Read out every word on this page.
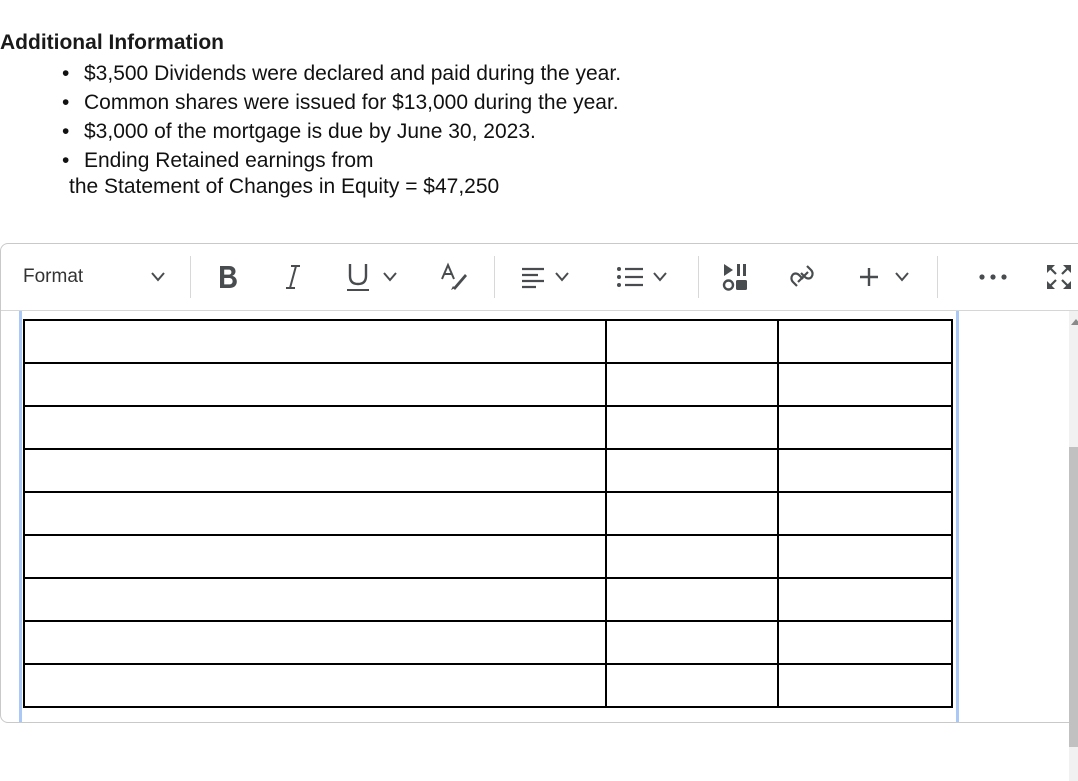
Additional Information
• $3,500 Dividends were declared and paid during the year.
• Common shares were issued for $13,000 during the year.
• $3,000 of the mortgage is due by June 30, 2023.
• Ending Retained earnings from
the Statement of Changes in Equity = $47,250
Format
